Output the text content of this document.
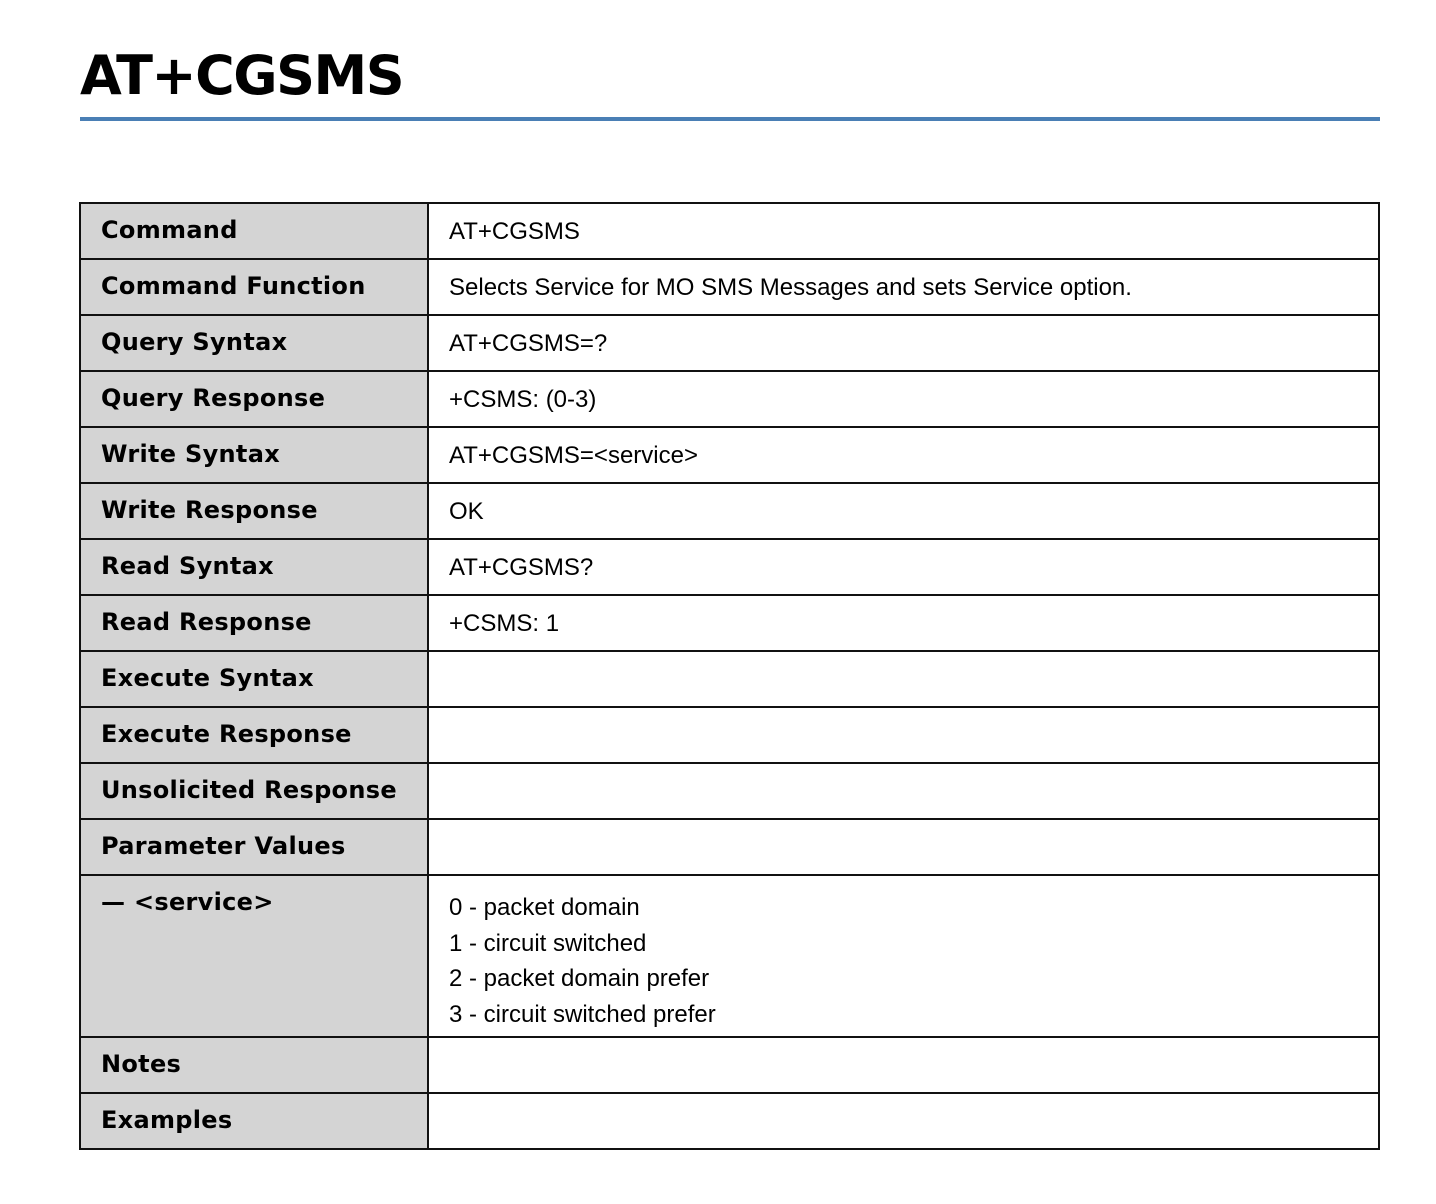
AT+CGSMS
Command	AT+CGSMS
Command Function	Selects Service for MO SMS Messages and sets Service option.
Query Syntax	AT+CGSMS=?
Query Response	+CSMS: (0-3)
Write Syntax	AT+CGSMS=<service>
Write Response	OK
Read Syntax	AT+CGSMS?
Read Response	+CSMS: 1
Execute Syntax	
Execute Response	
Unsolicited Response	
Parameter Values	
— <service>	0 - packet domain
1 - circuit switched
2 - packet domain prefer
3 - circuit switched prefer

Notes	
Examples	
